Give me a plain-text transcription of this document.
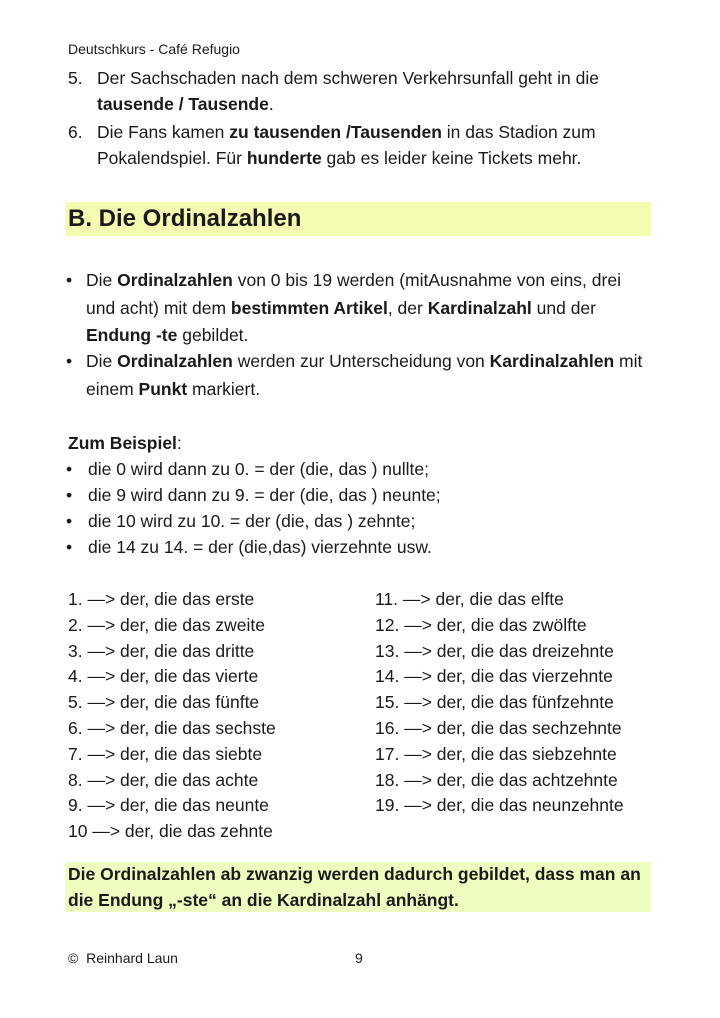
Deutschkurs - Café Refugio
5. Der Sachschaden nach dem schweren Verkehrsunfall geht in die tausende / Tausende.
6. Die Fans kamen zu tausenden /Tausenden in das Stadion zum Pokalendspiel. Für hunderte gab es leider keine Tickets mehr.
B. Die Ordinalzahlen
• Die Ordinalzahlen von 0 bis 19 werden (mitAusnahme von eins, drei und acht) mit dem bestimmten Artikel, der Kardinalzahl und der Endung -te gebildet.
• Die Ordinalzahlen werden zur Unterscheidung von Kardinalzahlen mit einem Punkt markiert.
Zum Beispiel:
• die 0 wird dann zu 0. = der (die, das ) nullte;
• die 9 wird dann zu 9. = der (die, das ) neunte;
• die 10 wird zu 10. = der (die, das ) zehnte;
• die 14 zu 14. = der (die,das) vierzehnte usw.
1. —> der, die das erste
2. —> der, die das zweite
3. —> der, die das dritte
4. —> der, die das vierte
5. —> der, die das fünfte
6. —> der, die das sechste
7. —> der, die das siebte
8. —> der, die das achte
9. —> der, die das neunte
10 —> der, die das zehnte
11. —> der, die das elfte
12. —> der, die das zwölfte
13. —> der, die das dreizehnte
14. —> der, die das vierzehnte
15. —> der, die das fünfzehnte
16. —> der, die das sechzehnte
17. —> der, die das siebzehnte
18. —> der, die das achtzehnte
19. —> der, die das neunzehnte
Die Ordinalzahlen ab zwanzig werden dadurch gebildet, dass man an die Endung „-ste“ an die Kardinalzahl anhängt.
© Reinhard Laun	9
